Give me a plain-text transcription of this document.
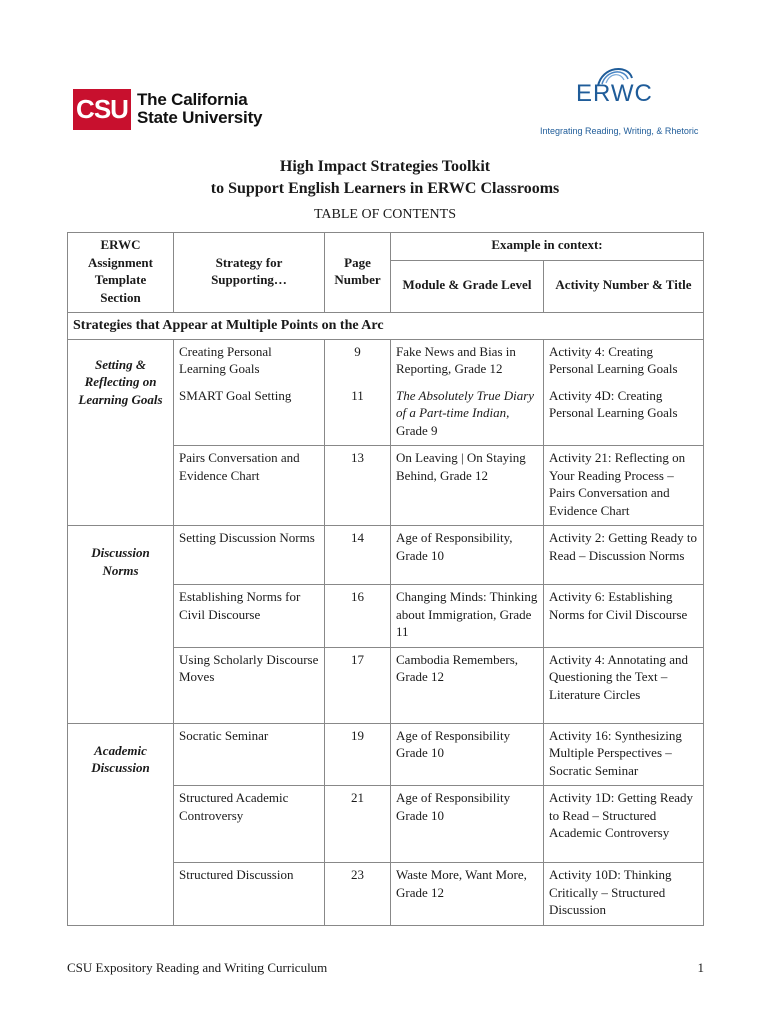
CSU The California
State University
ERWC
Integrating Reading, Writing, & Rhetoric
High Impact Strategies Toolkit
to Support English Learners in ERWC Classrooms
TABLE OF CONTENTS
ERWC Assignment Template Section	Strategy for Supporting…	Page Number	Example in context:	
			Module & Grade Level	Activity Number & Title
Strategies that Appear at Multiple Points on the Arc				
Setting & Reflecting on Learning Goals	Creating Personal Learning Goals	9	Fake News and Bias in Reporting, Grade 12	Activity 4: Creating Personal Learning Goals
	SMART Goal Setting	11	The Absolutely True Diary of a Part-time Indian, Grade 9	Activity 4D: Creating Personal Learning Goals
	Pairs Conversation and Evidence Chart	13	On Leaving | On Staying Behind, Grade 12	Activity 21: Reflecting on Your Reading Process – Pairs Conversation and Evidence Chart
Discussion Norms	Setting Discussion Norms	14	Age of Responsibility, Grade 10	Activity 2: Getting Ready to Read – Discussion Norms
	Establishing Norms for Civil Discourse	16	Changing Minds: Thinking about Immigration, Grade 11	Activity 6: Establishing Norms for Civil Discourse
	Using Scholarly Discourse Moves	17	Cambodia Remembers, Grade 12	Activity 4: Annotating and Questioning the Text – Literature Circles
Academic Discussion	Socratic Seminar	19	Age of Responsibility Grade 10	Activity 16: Synthesizing Multiple Perspectives – Socratic Seminar
	Structured Academic Controversy	21	Age of Responsibility Grade 10	Activity 1D: Getting Ready to Read – Structured Academic Controversy
	Structured Discussion	23	Waste More, Want More, Grade 12	Activity 10D: Thinking Critically – Structured Discussion
CSU Expository Reading and Writing Curriculum	1
